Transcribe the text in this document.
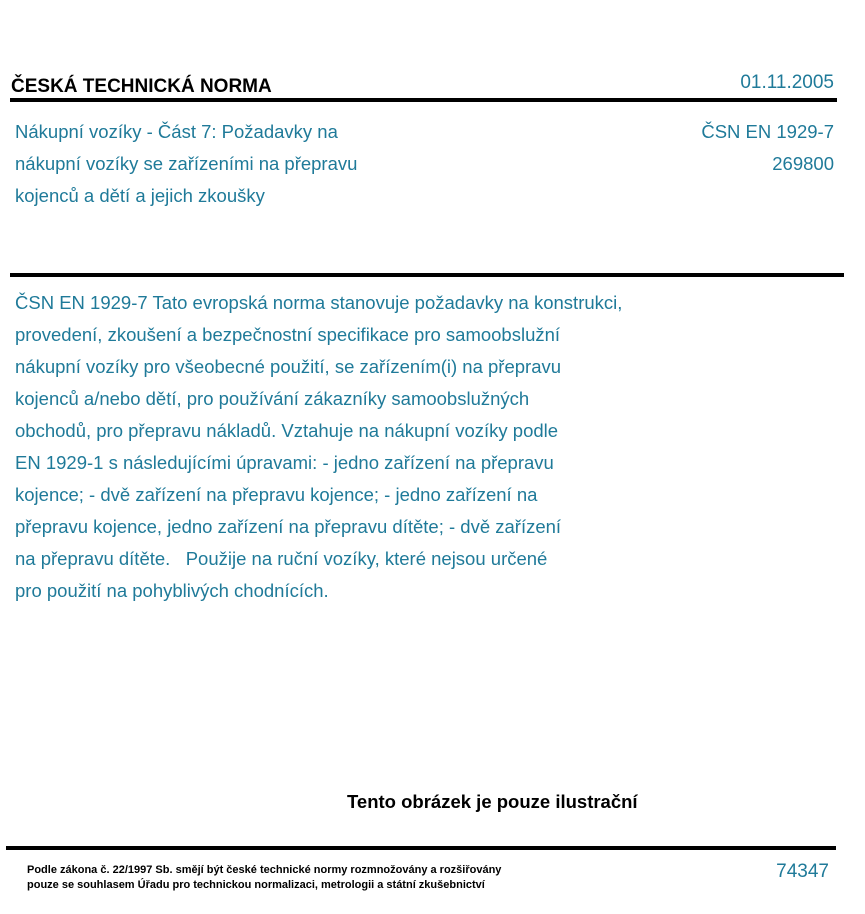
ČESKÁ TECHNICKÁ NORMA	01.11.2005
Nákupní vozíky - Část 7: Požadavky na
nákupní vozíky se zařízeními na přepravu
kojenců a dětí a jejich zkoušky
ČSN EN 1929-7
269800
ČSN EN 1929-7 Tato evropská norma stanovuje požadavky na konstrukci,
provedení, zkoušení a bezpečnostní specifikace pro samoobslužní
nákupní vozíky pro všeobecné použití, se zařízením(i) na přepravu
kojenců a/nebo dětí, pro používání zákazníky samoobslužných
obchodů, pro přepravu nákladů. Vztahuje na nákupní vozíky podle
EN 1929-1 s následujícími úpravami: - jedno zařízení na přepravu
kojence; - dvě zařízení na přepravu kojence; - jedno zařízení na
přepravu kojence, jedno zařízení na přepravu dítěte; - dvě zařízení
na přepravu dítěte.   Použije na ruční vozíky, které nejsou určené
pro použití na pohyblivých chodnících.
Tento obrázek je pouze ilustrační
Podle zákona č. 22/1997 Sb. smějí být české technické normy rozmnožovány a rozšiřovány
pouze se souhlasem Úřadu pro technickou normalizaci, metrologii a státní zkušebnictví
74347
